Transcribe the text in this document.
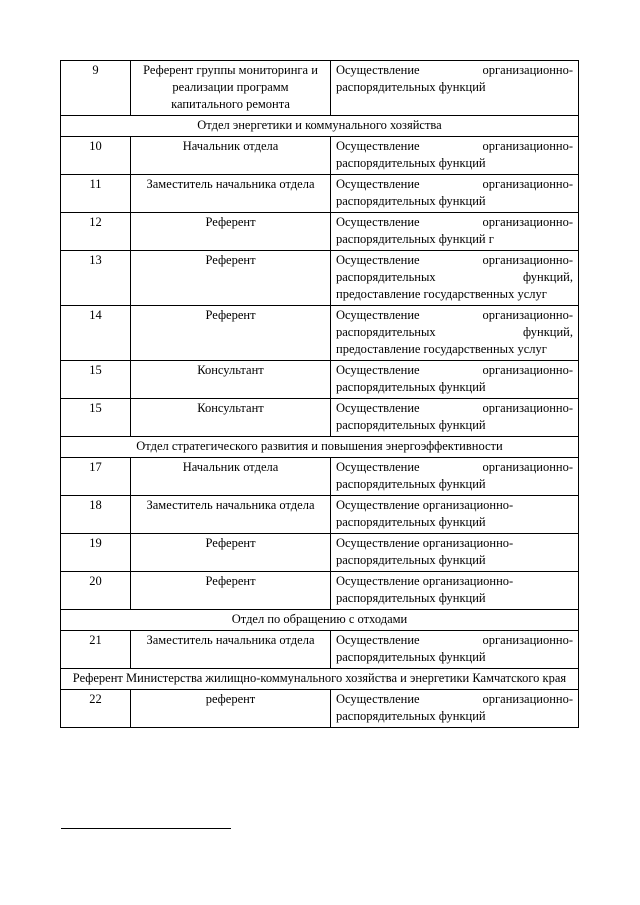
9	Референт группы мониторинга и реализации программ капитального ремонта	Осуществление организационно-распорядительных функций
Отдел энергетики и коммунального хозяйства		
10	Начальник отдела	Осуществление организационно-распорядительных функций
11	Заместитель начальника отдела	Осуществление организационно-распорядительных функций
12	Референт	Осуществление организационно-распорядительных функций г
13	Референт	Осуществление организационно-распорядительных функций, предоставление государственных услуг
14	Референт	Осуществление организационно-распорядительных функций, предоставление государственных услуг
15	Консультант	Осуществление организационно-распорядительных функций
15	Консультант	Осуществление организационно-распорядительных функций
Отдел стратегического развития и повышения энергоэффективности		
17	Начальник отдела	Осуществление организационно-распорядительных функций
18	Заместитель начальника отдела	Осуществление организационно-распорядительных функций
19	Референт	Осуществление организационно-распорядительных функций
20	Референт	Осуществление организационно-распорядительных функций
Отдел по обращению с отходами		
21	Заместитель начальника отдела	Осуществление организационно-распорядительных функций
Референт Министерства жилищно-коммунального хозяйства и энергетики Камчатского края		
22	референт	Осуществление организационно-распорядительных функций
